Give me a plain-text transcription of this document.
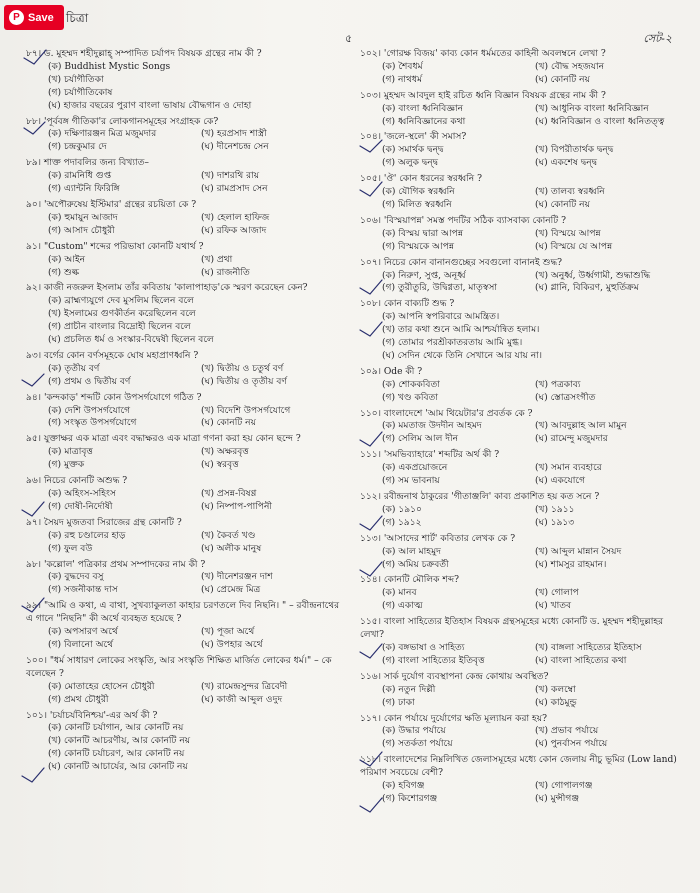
P Save চিত্রা
৫	সেট-২
৮৭। ড. মুহম্মদ শহীদুল্লাহ্ সম্পাদিত চর্যাপদ বিষয়ক গ্রন্থের নাম কী ?
(ক) Buddhist Mystic Songs
(খ) চর্যাগীতিকা
(গ) চর্যাগীতিকোষ
(ঘ) হাজার বছরের পুরাণ বাংলা ভাষায় বৌদ্ধগান ও দোহা
৮৮। 'পূর্ববঙ্গ গীতিকা'র লোকগানসমূহের সংগ্রাহক কে?
(ক) দক্ষিণারঞ্জন মিত্র মজুমদার	(খ) হরপ্রসাদ শাস্ত্রী
(গ) চন্দ্রকুমার দে	(ঘ) দীনেশচন্দ্র সেন
৮৯। শাক্ত পদাবলির জন্য বিখ্যাত–
(ক) রামনিধি গুপ্ত	(খ) দাশরথি রায়
(গ) এ্যান্টনি ফিরিঙ্গি	(ঘ) রামপ্রসাদ সেন
৯০। 'অপৌরুষেয় ইস্টিমার' গ্রন্থের রচয়িতা কে ?
(ক) হুমায়ুন আজাদ	(খ) হেলাল হাফিজ
(গ) আসাদ চৌধুরী	(ঘ) রফিক আজাদ
৯১। "Custom" শব্দের পরিভাষা কোনটি যথার্থ ?
(ক) আইন	(খ) প্রথা
(গ) শুল্ক	(ঘ) রাজনীতি
৯২। কাজী নজরুল ইসলাম তাঁর কবিতায় 'কালাপাহাড়'কে স্মরণ করেছেন কেন?
(ক) ব্রাহ্মণ্যযুগে দেব মুসলিম ছিলেন বলে
(খ) ইসলামের গুণকীর্তন করেছিলেন বলে
(গ) প্রাচীন বাংলার বিদ্রোহী ছিলেন বলে
(ঘ) প্রচলিত ধর্ম ও সংস্কার-বিদ্বেষী ছিলেন বলে
৯৩। বর্গের কোন বর্ণসমূহকে ঘোষ মহাপ্রাণধ্বনি ?
(ক) তৃতীয় বর্ণ	(খ) দ্বিতীয় ও চতুর্থ বর্ণ
(গ) প্রথম ও দ্বিতীয় বর্ণ	(ঘ) দ্বিতীয় ও তৃতীয় বর্ণ
৯৪। 'কন্দকাড়' শব্দটি কোন উপসর্গযোগে গঠিত ?
(ক) দেশি উপসর্গযোগে	(খ) বিদেশি উপসর্গযোগে
(গ) সংস্কৃত উপসর্গযোগে	(ঘ) কোনটি নয়
৯৫। যুক্তাক্ষর এক মাত্রা এবং বদ্ধাক্ষরও এক মাত্রা গণনা করা হয় কোন ছন্দে ?
(ক) মাত্রাবৃত্ত	(খ) অক্ষরবৃত্ত
(গ) মুক্তক	(ঘ) স্বরবৃত্ত
৯৬। নিচের কোনটি অশুদ্ধ ?
(ক) অহিংস-সহিংস	(খ) প্রসন্ন-বিষণ্ণ
(গ) দোষী-নির্দোষী	(ঘ) নিষ্পাপ-পাপিনী
৯৭। সৈয়দ মুজতবা সিরাজের গ্রন্থ কোনটি ?
(ক) রহু চণ্ডালের হাড়	(খ) কৈবর্ত খণ্ড
(গ) ফুল বউ	(ঘ) অলীক মানুষ
৯৮। 'কল্লোল' পত্রিকার প্রথম সম্পাদকের নাম কী ?
(ক) বুদ্ধদেব বসু	(খ) দীনেশরঞ্জন দাশ
(গ) সজনীকান্ত দাস	(ঘ) প্রেমেন্দ্র মিত্র
৯৯। "আমি ও কথা, এ বাথা, সুখব্যাকুলতা কাহার চরণতলে দিব নিছনি। " – রবীন্দ্রনাথের এ গানে "নিছনি" কী অর্থে ব্যবহৃত হয়েছে ?
(ক) অপসারণ অর্থে	(খ) পূজা অর্থে
(গ) বিলানো অর্থে	(ঘ) উপহার অর্থে
১০০। "ধর্ম সাধারণ লোকের সংস্কৃতি, আর সংস্কৃতি শিক্ষিত মার্জিত লোকের ধর্ম।" – কে বলেছেন ?
(ক) মোতাহের হোসেন চৌধুরী	(খ) রামেন্দ্রসুন্দর ত্রিবেদী
(গ) প্রমথ চৌধুরী	(ঘ) কাজী আব্দুল ওদুদ
১০১। 'চর্যাচর্যবিনিশ্চয়'-এর অর্থ কী ?
(ক) কোনটি চর্যাগান, আর কোনটি নয়
(খ) কোনটি আচরণীয়, আর কোনটি নয়
(গ) কোনটি চর্যাচরণ, আর কোনটি নয়
(ঘ) কোনটি আচার্যের, আর কোনটি নয়
১০২। 'গোরক্ষ বিজয়' কাব্য কোন ধর্মমতের কাহিনী অবলম্বনে লেখা ?
(ক) শৈবধর্ম	(খ) বৌদ্ধ সহজযান
(গ) নাথধর্ম	(ঘ) কোনটি নয়
১০৩। মুহম্মদ আবদুল হাই রচিত ধ্বনি বিজ্ঞান বিষয়ক গ্রন্থের নাম কী ?
(ক) বাংলা ধ্বনিবিজ্ঞান	(খ) আধুনিক বাংলা ধ্বনিবিজ্ঞান
(গ) ধ্বনিবিজ্ঞানের কথা	(ঘ) ধ্বনিবিজ্ঞান ও বাংলা ধ্বনিতত্ত্ব
১০৪। 'জলে-স্থলে' কী সমাস?
(ক) সমার্থক দ্বন্দ্ব	(খ) বিপরীতার্থক দ্বন্দ্ব
(গ) অলুক দ্বন্দ্ব	(ঘ) একশেষ দ্বন্দ্ব
১০৫। 'ঔ' কোন ধরনের স্বরধ্বনি ?
(ক) যৌগিক স্বরধ্বনি	(খ) তালব্য স্বরধ্বনি
(গ) মিলিত স্বরধ্বনি	(ঘ) কোনটি নয়
১০৬। 'বিস্ময়াপন্ন' সমস্ত পদটির সঠিক ব্যাসবাক্য কোনটি ?
(ক) বিস্ময় দ্বারা আপন্ন	(খ) বিস্ময়ে আপন্ন
(গ) বিস্ময়কে আপন্ন	(ঘ) বিস্ময়ে যে আপন্ন
১০৭। নিচের কোন বানানগুচ্ছের সবগুলো বানানই শুদ্ধ?
(ক) নিরুণ, সুপ্ত, অনূর্ধ্ব	(খ) অনুর্ধ্ব, উর্ধ্বগামী, শুদ্ধাশুদ্ধি
(গ) তুরীতুরি, উদ্বিগ্নতা, মাতৃস্বসা	(ঘ) গ্লানি, বিকিরণ, মুহুর্তিক্রম
১০৮। কোন বাক্যটি শুদ্ধ ?
(ক) আপনি স্বপরিবারে আমন্ত্রিত।
(খ) তার কথা শুনে আমি আশ্চর্যান্বিত হলাম।
(গ) তোমার পরশ্রীকাতরতায় আমি মুগ্ধ।
(ঘ) সেদিন থেকে তিনি সেখানে আর যায় না।
১০৯। Ode কী ?
(ক) শোককবিতা	(খ) পত্রকাব্য
(গ) খণ্ড কবিতা	(ঘ) স্তোত্রসংগীত
১১০। বাংলাদেশে 'আম থিয়েটার'র প্রবর্তক কে ?
(ক) মমতাজ উদদীন আহমদ	(খ) আবদুল্লাহ আল মামুন
(গ) সেলিম আল দীন	(ঘ) রামেন্দু মজুমদার
১১১। 'সমভিব্যাহারে' শব্দটির অর্থ কী ?
(ক) একপ্রয়োজনে	(খ) সমান ব্যবহারে
(গ) সম ভাবনায়	(ঘ) একযোগে
১১২। রবীন্দ্রনাথ ঠাকুরের 'গীতাঞ্জলি' কাব্য প্রকাশিত হয় কত সনে ?
(ক) ১৯১০	(খ) ১৯১১
(গ) ১৯১২	(ঘ) ১৯১৩
১১৩। 'আসাদের শার্ট' কবিতার লেখক কে ?
(ক) আল মাহমুদ	(খ) আব্দুল মান্নান সৈয়দ
(গ) অমিয় চক্রবর্তী	(ঘ) শামসুর রাহমান।
১১৪। কোনটি মৌলিক শব্দ?
(ক) মানব	(খ) গোলাপ
(গ) একাত্ম	(ঘ) খাতব
১১৫। বাংলা সাহিত্যের ইতিহাস বিষয়ক গ্রন্থসমূহের মধ্যে কোনটি ড. মুহম্মদ শহীদুল্লাহর লেখা?
(ক) বঙ্গভাষা ও সাহিত্য	(খ) বাঙ্গলা সাহিত্যের ইতিহাস
(গ) বাংলা সাহিত্যের ইতিবৃত্ত	(ঘ) বাংলা সাহিত্যের কথা
১১৬। সার্ক দুর্যোগ ব্যবস্থাপনা কেন্দ্র কোথায় অবস্থিত?
(ক) নতুন দিল্লী	(খ) কলম্বো
(গ) ঢাকা	(ঘ) কাঠমুন্ডু
১১৭। কোন পর্যায়ে দুর্যোগের ক্ষতি মূল্যায়ন করা হয়?
(ক) উদ্ধার পর্যায়ে	(খ) প্রভাব পর্যায়ে
(গ) সতর্কতা পর্যায়ে	(ঘ) পুনর্বাসন পর্যায়ে
১১৮। বাংলাদেশের নিম্নলিখিত জেলাসমূহের মধ্যে কোন জেলায় নীচু ভূমির (Low land) পরিমাণ সবচেয়ে বেশী?
(ক) হবিগঞ্জ	(খ) গোপালগঞ্জ
(গ) কিশোরগঞ্জ	(ঘ) মুন্সীগঞ্জ
